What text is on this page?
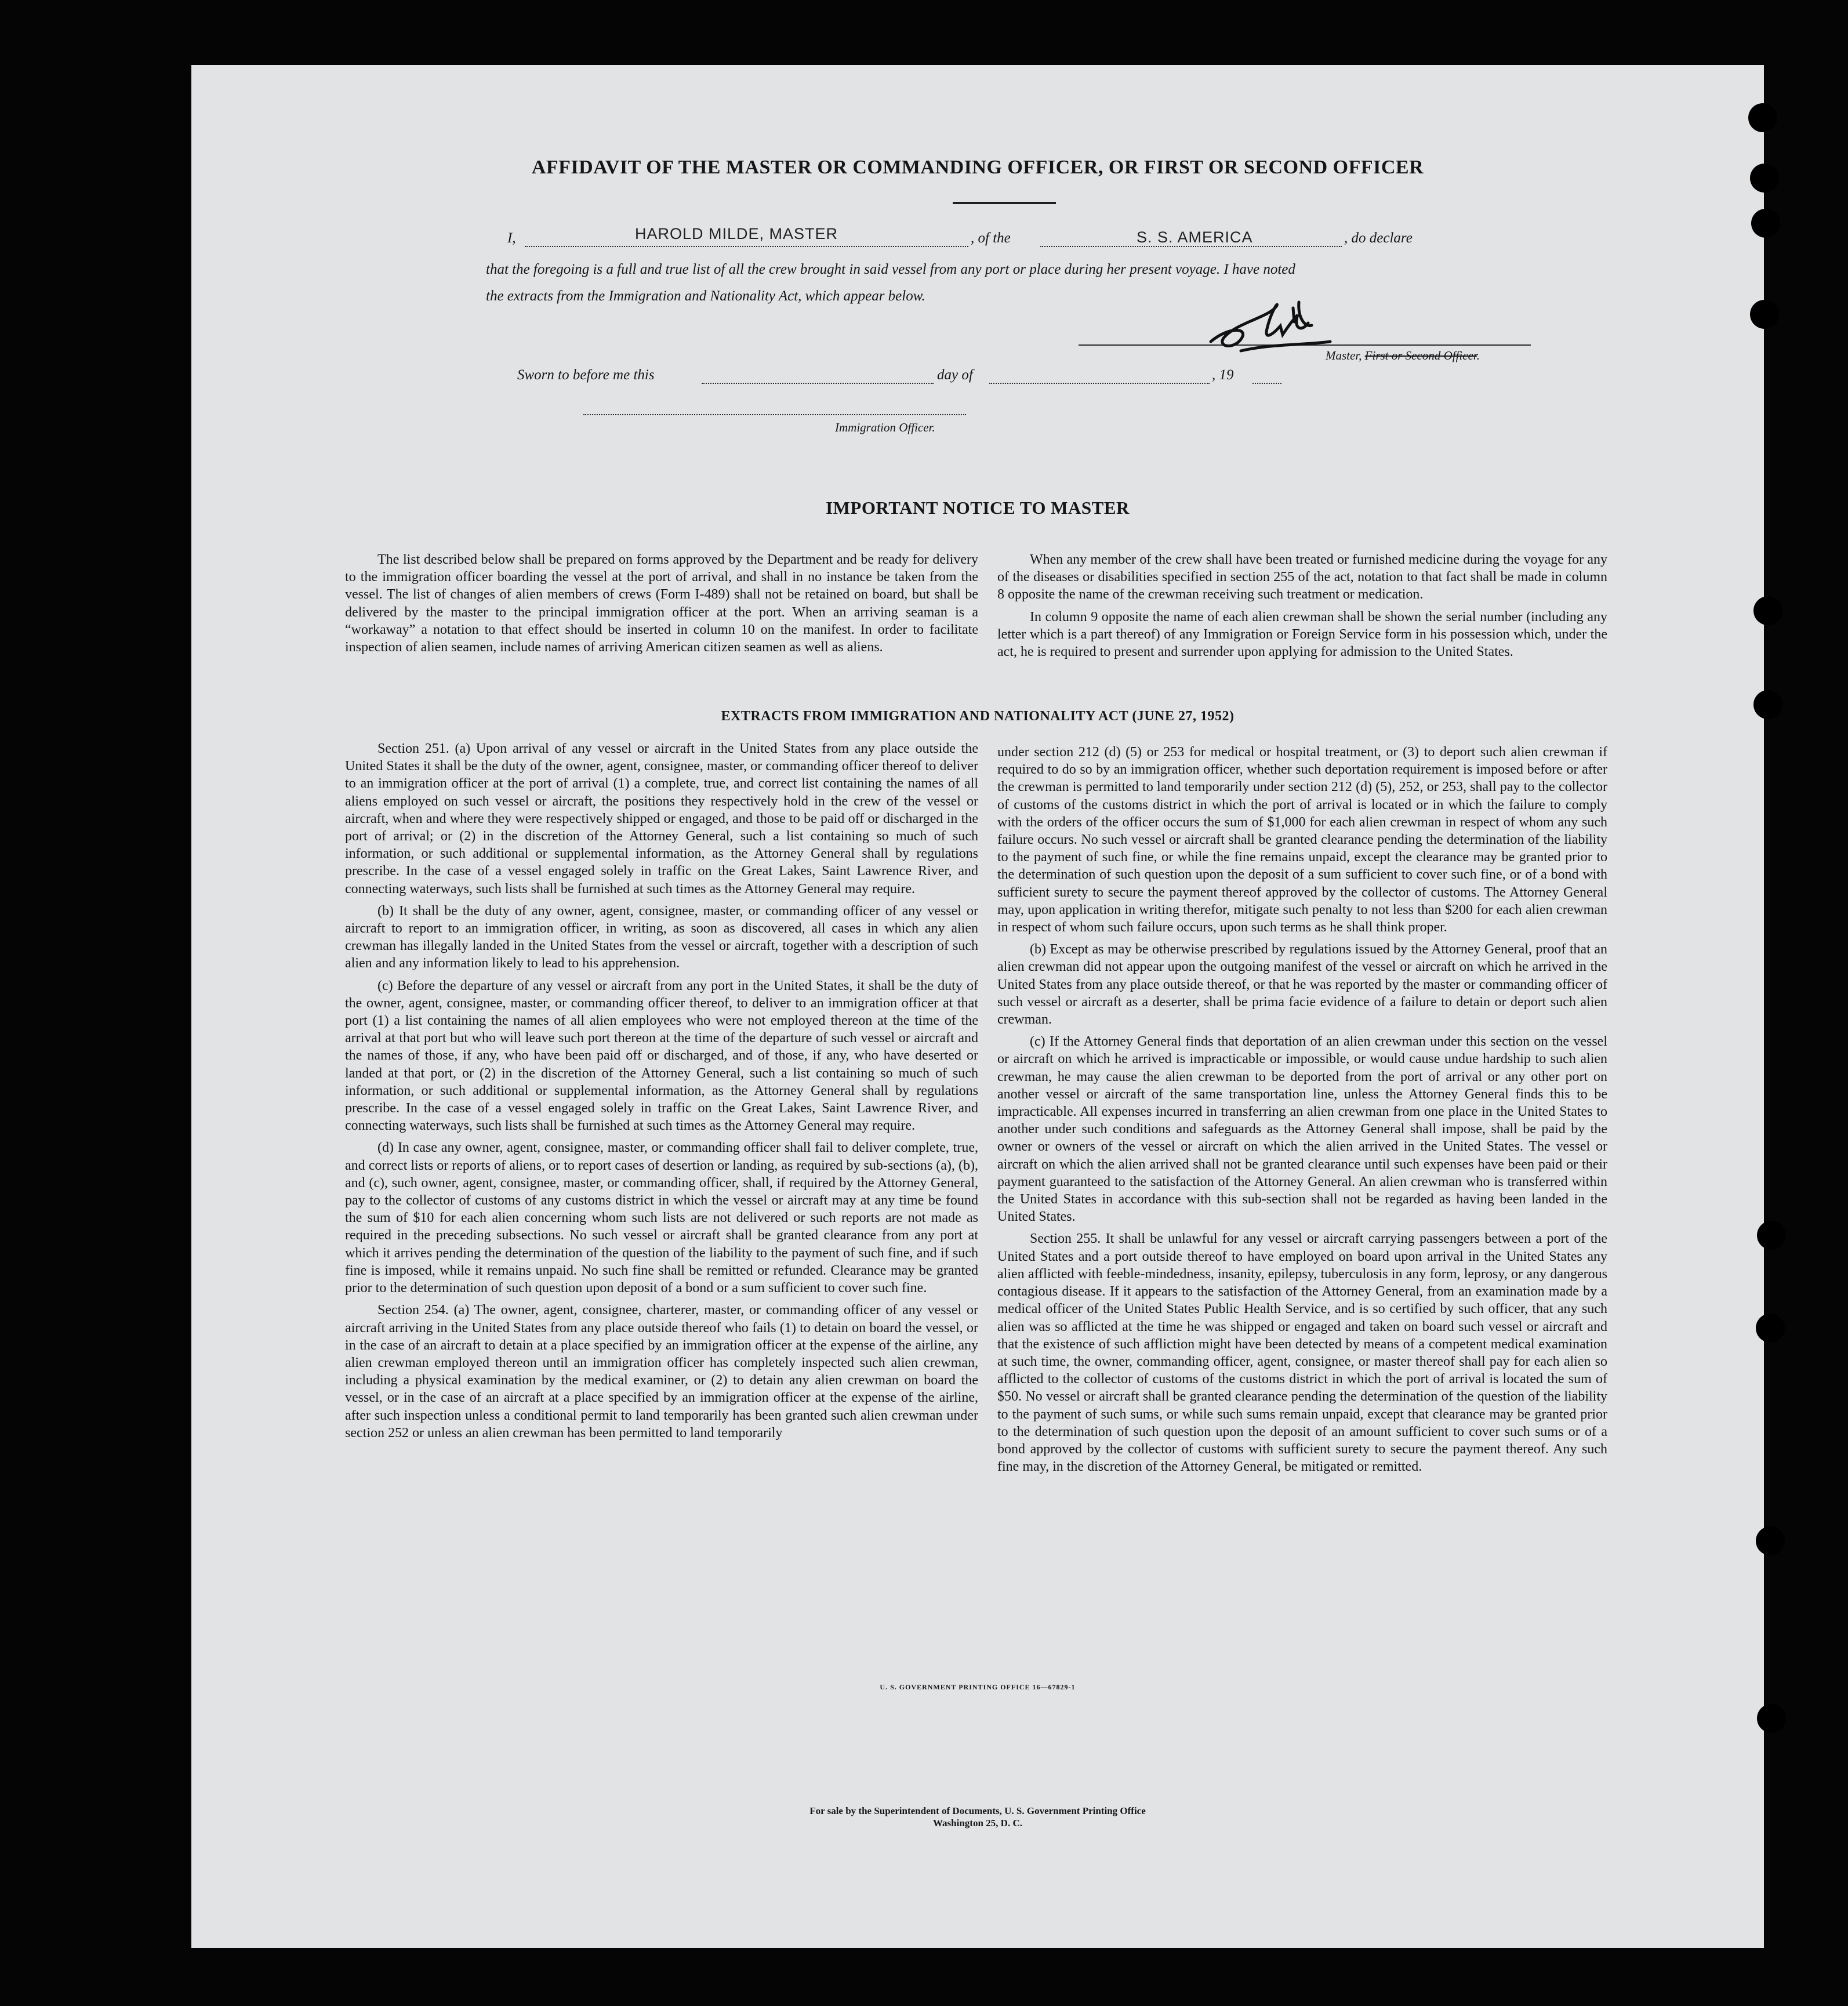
AFFIDAVIT OF THE MASTER OR COMMANDING OFFICER, OR FIRST OR SECOND OFFICER
I,	HAROLD MILDE, MASTER	, of the	S. S. AMERICA	, do declare
that the foregoing is a full and true list of all the crew brought in said vessel from any port or place during her present voyage. I have noted
the extracts from the Immigration and Nationality Act, which appear below.
Master, First or Second Officer.
Sworn to before me this	day of	, 19
Immigration Officer.
IMPORTANT NOTICE TO MASTER

The list described below shall be prepared on forms approved by the Department and be ready for delivery to the immigration officer boarding the vessel at the port of arrival, and shall in no instance be taken from the vessel. The list of changes of alien members of crews (Form I-489) shall not be retained on board, but shall be delivered by the master to the principal immigration officer at the port. When an arriving seaman is a “workaway” a notation to that effect should be inserted in column 10 on the manifest. In order to facilitate inspection of alien seamen, include names of arriving American citizen seamen as well as aliens.

When any member of the crew shall have been treated or furnished medicine during the voyage for any of the diseases or disabilities specified in section 255 of the act, notation to that fact shall be made in column 8 opposite the name of the crewman receiving such treatment or medication.

In column 9 opposite the name of each alien crewman shall be shown the serial number (including any letter which is a part thereof) of any Immigration or Foreign Service form in his possession which, under the act, he is required to present and surrender upon applying for admission to the United States.

EXTRACTS FROM IMMIGRATION AND NATIONALITY ACT (JUNE 27, 1952)

Section 251. (a) Upon arrival of any vessel or aircraft in the United States from any place outside the United States it shall be the duty of the owner, agent, consignee, master, or commanding officer thereof to deliver to an immigration officer at the port of arrival (1) a complete, true, and correct list containing the names of all aliens employed on such vessel or aircraft, the positions they respectively hold in the crew of the vessel or aircraft, when and where they were respectively shipped or engaged, and those to be paid off or discharged in the port of arrival; or (2) in the discretion of the Attorney General, such a list containing so much of such information, or such additional or supplemental information, as the Attorney General shall by regulations prescribe. In the case of a vessel engaged solely in traffic on the Great Lakes, Saint Lawrence River, and connecting waterways, such lists shall be furnished at such times as the Attorney General may require.

(b) It shall be the duty of any owner, agent, consignee, master, or commanding officer of any vessel or aircraft to report to an immigration officer, in writing, as soon as discovered, all cases in which any alien crewman has illegally landed in the United States from the vessel or aircraft, together with a description of such alien and any information likely to lead to his apprehension.

(c) Before the departure of any vessel or aircraft from any port in the United States, it shall be the duty of the owner, agent, consignee, master, or commanding officer thereof, to deliver to an immigration officer at that port (1) a list containing the names of all alien employees who were not employed thereon at the time of the arrival at that port but who will leave such port thereon at the time of the departure of such vessel or aircraft and the names of those, if any, who have been paid off or discharged, and of those, if any, who have deserted or landed at that port, or (2) in the discretion of the Attorney General, such a list containing so much of such information, or such additional or supplemental information, as the Attorney General shall by regulations prescribe. In the case of a vessel engaged solely in traffic on the Great Lakes, Saint Lawrence River, and connecting waterways, such lists shall be furnished at such times as the Attorney General may require.

(d) In case any owner, agent, consignee, master, or commanding officer shall fail to deliver complete, true, and correct lists or reports of aliens, or to report cases of desertion or landing, as required by sub-sections (a), (b), and (c), such owner, agent, consignee, master, or commanding officer, shall, if required by the Attorney General, pay to the collector of customs of any customs district in which the vessel or aircraft may at any time be found the sum of $10 for each alien concerning whom such lists are not delivered or such reports are not made as required in the preceding subsections. No such vessel or aircraft shall be granted clearance from any port at which it arrives pending the determination of the question of the liability to the payment of such fine, and if such fine is imposed, while it remains unpaid. No such fine shall be remitted or refunded. Clearance may be granted prior to the determination of such question upon deposit of a bond or a sum sufficient to cover such fine.

Section 254. (a) The owner, agent, consignee, charterer, master, or commanding officer of any vessel or aircraft arriving in the United States from any place outside thereof who fails (1) to detain on board the vessel, or in the case of an aircraft to detain at a place specified by an immigration officer at the expense of the airline, any alien crewman employed thereon until an immigration officer has completely inspected such alien crewman, including a physical examination by the medical examiner, or (2) to detain any alien crewman on board the vessel, or in the case of an aircraft at a place specified by an immigration officer at the expense of the airline, after such inspection unless a conditional permit to land temporarily has been granted such alien crewman under section 252 or unless an alien crewman has been permitted to land temporarily

under section 212 (d) (5) or 253 for medical or hospital treatment, or (3) to deport such alien crewman if required to do so by an immigration officer, whether such deportation requirement is imposed before or after the crewman is permitted to land temporarily under section 212 (d) (5), 252, or 253, shall pay to the collector of customs of the customs district in which the port of arrival is located or in which the failure to comply with the orders of the officer occurs the sum of $1,000 for each alien crewman in respect of whom any such failure occurs. No such vessel or aircraft shall be granted clearance pending the determination of the liability to the payment of such fine, or while the fine remains unpaid, except the clearance may be granted prior to the determination of such question upon the deposit of a sum sufficient to cover such fine, or of a bond with sufficient surety to secure the payment thereof approved by the collector of customs. The Attorney General may, upon application in writing therefor, mitigate such penalty to not less than $200 for each alien crewman in respect of whom such failure occurs, upon such terms as he shall think proper.

(b) Except as may be otherwise prescribed by regulations issued by the Attorney General, proof that an alien crewman did not appear upon the outgoing manifest of the vessel or aircraft on which he arrived in the United States from any place outside thereof, or that he was reported by the master or commanding officer of such vessel or aircraft as a deserter, shall be prima facie evidence of a failure to detain or deport such alien crewman.

(c) If the Attorney General finds that deportation of an alien crewman under this section on the vessel or aircraft on which he arrived is impracticable or impossible, or would cause undue hardship to such alien crewman, he may cause the alien crewman to be deported from the port of arrival or any other port on another vessel or aircraft of the same transportation line, unless the Attorney General finds this to be impracticable. All expenses incurred in transferring an alien crewman from one place in the United States to another under such conditions and safeguards as the Attorney General shall impose, shall be paid by the owner or owners of the vessel or aircraft on which the alien arrived in the United States. The vessel or aircraft on which the alien arrived shall not be granted clearance until such expenses have been paid or their payment guaranteed to the satisfaction of the Attorney General. An alien crewman who is transferred within the United States in accordance with this sub-section shall not be regarded as having been landed in the United States.

Section 255. It shall be unlawful for any vessel or aircraft carrying passengers between a port of the United States and a port outside thereof to have employed on board upon arrival in the United States any alien afflicted with feeble-mindedness, insanity, epilepsy, tuberculosis in any form, leprosy, or any dangerous contagious disease. If it appears to the satisfaction of the Attorney General, from an examination made by a medical officer of the United States Public Health Service, and is so certified by such officer, that any such alien was so afflicted at the time he was shipped or engaged and taken on board such vessel or aircraft and that the existence of such affliction might have been detected by means of a competent medical examination at such time, the owner, commanding officer, agent, consignee, or master thereof shall pay for each alien so afflicted to the collector of customs of the customs district in which the port of arrival is located the sum of $50. No vessel or aircraft shall be granted clearance pending the determination of the question of the liability to the payment of such sums, or while such sums remain unpaid, except that clearance may be granted prior to the determination of such question upon the deposit of an amount sufficient to cover such sums or of a bond approved by the collector of customs with sufficient surety to secure the payment thereof. Any such fine may, in the discretion of the Attorney General, be mitigated or remitted.

U. S. GOVERNMENT PRINTING OFFICE 16—67829-1
For sale by the Superintendent of Documents, U. S. Government Printing Office
Washington 25, D. C.
